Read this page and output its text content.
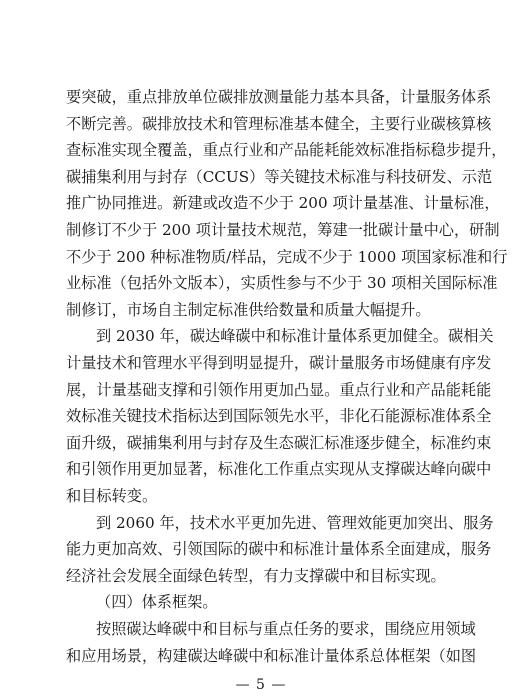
要突破，重点排放单位碳排放测量能力基本具备，计量服务体系
不断完善。碳排放技术和管理标准基本健全，主要行业碳核算核
查标准实现全覆盖，重点行业和产品能耗能效标准指标稳步提升，
碳捕集利用与封存（CCUS）等关键技术标准与科技研发、示范
推广协同推进。新建或改造不少于 200 项计量基准、计量标准，
制修订不少于 200 项计量技术规范，筹建一批碳计量中心，研制
不少于 200 种标准物质/样品，完成不少于 1000 项国家标准和行
业标准（包括外文版本），实质性参与不少于 30 项相关国际标准
制修订，市场自主制定标准供给数量和质量大幅提升。
到 2030 年，碳达峰碳中和标准计量体系更加健全。碳相关
计量技术和管理水平得到明显提升，碳计量服务市场健康有序发
展，计量基础支撑和引领作用更加凸显。重点行业和产品能耗能
效标准关键技术指标达到国际领先水平，非化石能源标准体系全
面升级，碳捕集利用与封存及生态碳汇标准逐步健全，标准约束
和引领作用更加显著，标准化工作重点实现从支撑碳达峰向碳中
和目标转变。
到 2060 年，技术水平更加先进、管理效能更加突出、服务
能力更加高效、引领国际的碳中和标准计量体系全面建成，服务
经济社会发展全面绿色转型，有力支撑碳中和目标实现。
（四）体系框架。
按照碳达峰碳中和目标与重点任务的要求，围绕应用领域
和应用场景，构建碳达峰碳中和标准计量体系总体框架（如图
— 5 —
